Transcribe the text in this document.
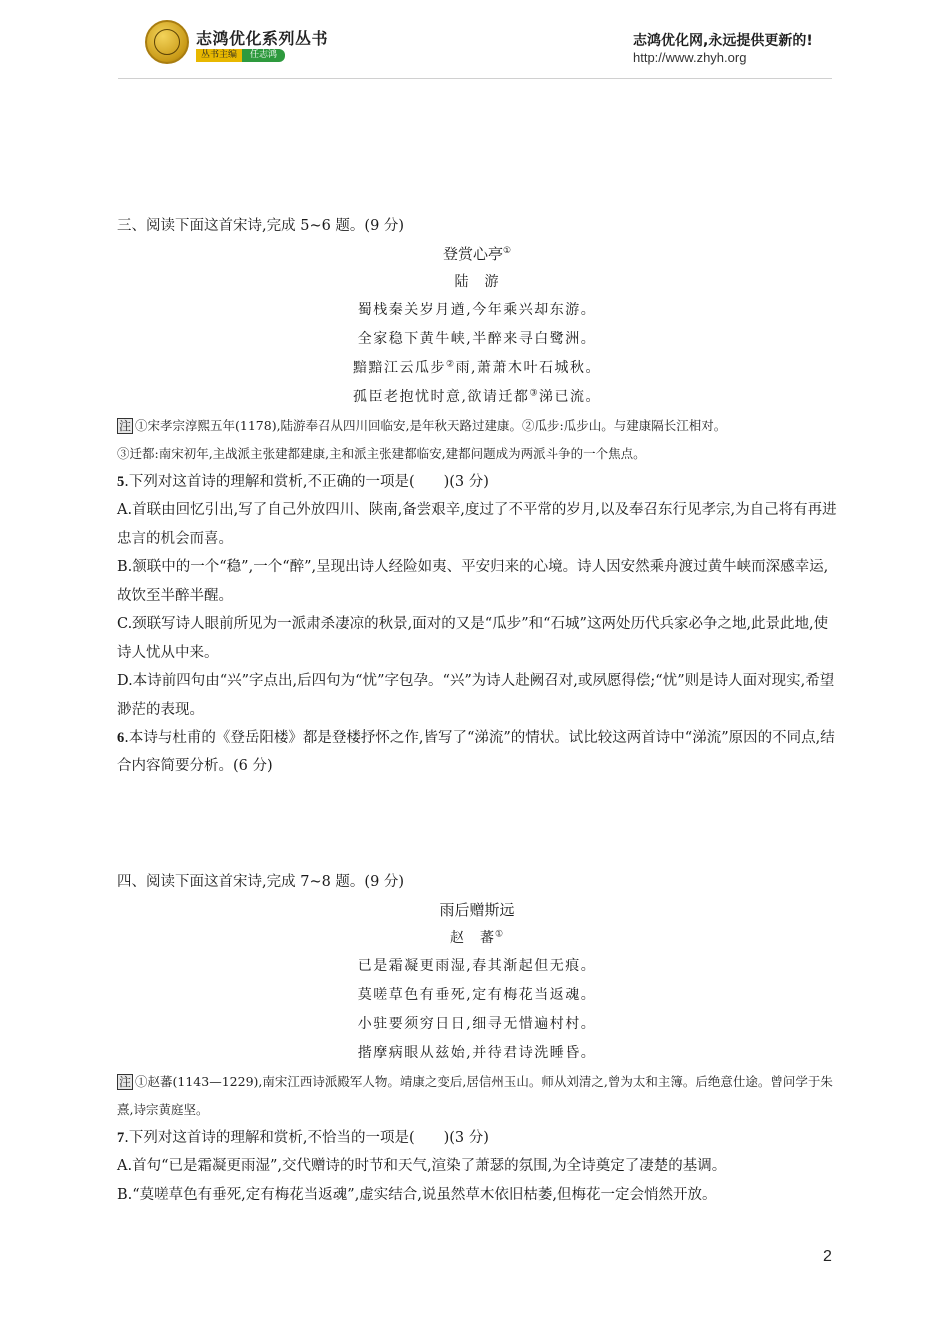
志鸿优化系列丛书
丛书主编	任志鸿
志鸿优化网,永远提供更新的!
http://www.zhyh.org

三、阅读下面这首宋诗,完成 5~6 题。(9 分)

登赏心亭①
陆　游
蜀栈秦关岁月遒,今年乘兴却东游。
全家稳下黄牛峡,半醉来寻白鹭洲。
黯黯江云瓜步②雨,萧萧木叶石城秋。
孤臣老抱忧时意,欲请迁都③涕已流。
注 ①宋孝宗淳熙五年(1178),陆游奉召从四川回临安,是年秋天路过建康。②瓜步:瓜步山。与建康隔长江相对。
③迁都:南宋初年,主战派主张建都建康,主和派主张建都临安,建都问题成为两派斗争的一个焦点。
5.下列对这首诗的理解和赏析,不正确的一项是(　　)(3 分)
A.首联由回忆引出,写了自己外放四川、陕南,备尝艰辛,度过了不平常的岁月,以及奉召东行见孝宗,为自己将有再进忠言的机会而喜。
B.颔联中的一个“稳”,一个“醉”,呈现出诗人经险如夷、平安归来的心境。诗人因安然乘舟渡过黄牛峡而深感幸运,故饮至半醉半醒。
C.颈联写诗人眼前所见为一派肃杀凄凉的秋景,面对的又是“瓜步”和“石城”这两处历代兵家必争之地,此景此地,使诗人忧从中来。
D.本诗前四句由“兴”字点出,后四句为“忧”字包孕。“兴”为诗人赴阙召对,或夙愿得偿;“忧”则是诗人面对现实,希望渺茫的表现。
6.本诗与杜甫的《登岳阳楼》都是登楼抒怀之作,皆写了“涕流”的情状。试比较这两首诗中“涕流”原因的不同点,结合内容简要分析。(6 分)

四、阅读下面这首宋诗,完成 7~8 题。(9 分)

雨后赠斯远
赵　蕃①
已是霜凝更雨湿,春其渐起但无痕。
莫嗟草色有垂死,定有梅花当返魂。
小驻要须穷日日,细寻无惜遍村村。
揩摩病眼从兹始,并待君诗洗睡昏。
注 ①赵蕃(1143—1229),南宋江西诗派殿军人物。靖康之变后,居信州玉山。师从刘清之,曾为太和主簿。后绝意仕途。曾问学于朱熹,诗宗黄庭坚。
7.下列对这首诗的理解和赏析,不恰当的一项是(　　)(3 分)
A.首句“已是霜凝更雨湿”,交代赠诗的时节和天气,渲染了萧瑟的氛围,为全诗奠定了凄楚的基调。
B.“莫嗟草色有垂死,定有梅花当返魂”,虚实结合,说虽然草木依旧枯萎,但梅花一定会悄然开放。
2
